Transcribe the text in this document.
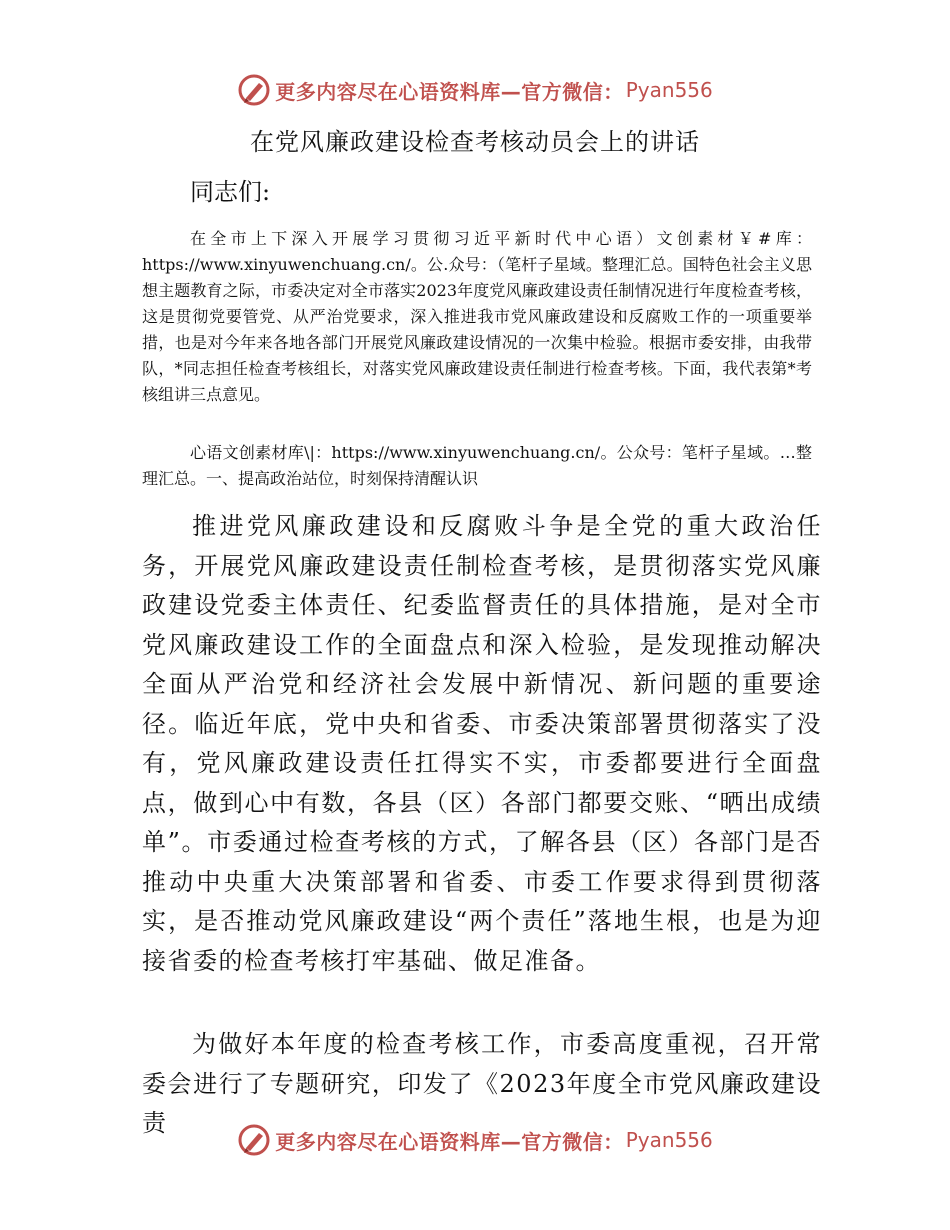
更多内容尽在心语资料库—官方微信： Pyan556
在党风廉政建设检查考核动员会上的讲话
同志们:

在全市上下深入开展学习贯彻习近平新时代中心语）文创素材￥#库：https://www.xinyuwenchuang.cn/。公.众号：（笔杆子星域。整理汇总。国特色社会主义思想主题教育之际，市委决定对全市落实2023年度党风廉政建设责任制情况进行年度检查考核，这是贯彻党要管党、从严治党要求，深入推进我市党风廉政建设和反腐败工作的一项重要举措，也是对今年来各地各部门开展党风廉政建设情况的一次集中检验。根据市委安排，由我带队，*同志担任检查考核组长，对落实党风廉政建设责任制进行检查考核。下面，我代表第*考核组讲三点意见。

心语文创素材库\|：https://www.xinyuwenchuang.cn/。公众号：笔杆子星域。…整理汇总。一、提高政治站位，时刻保持清醒认识

推进党风廉政建设和反腐败斗争是全党的重大政治任务，开展党风廉政建设责任制检查考核，是贯彻落实党风廉政建设党委主体责任、纪委监督责任的具体措施，是对全市党风廉政建设工作的全面盘点和深入检验，是发现推动解决全面从严治党和经济社会发展中新情况、新问题的重要途径。临近年底，党中央和省委、市委决策部署贯彻落实了没有，党风廉政建设责任扛得实不实，市委都要进行全面盘点，做到心中有数，各县（区）各部门都要交账、“晒出成绩单”。市委通过检查考核的方式，了解各县（区）各部门是否推动中央重大决策部署和省委、市委工作要求得到贯彻落实，是否推动党风廉政建设“两个责任”落地生根，也是为迎接省委的检查考核打牢基础、做足准备。

为做好本年度的检查考核工作，市委高度重视，召开常委会进行了专题研究，印发了《2023年度全市党风廉政建设责

更多内容尽在心语资料库—官方微信： Pyan556
